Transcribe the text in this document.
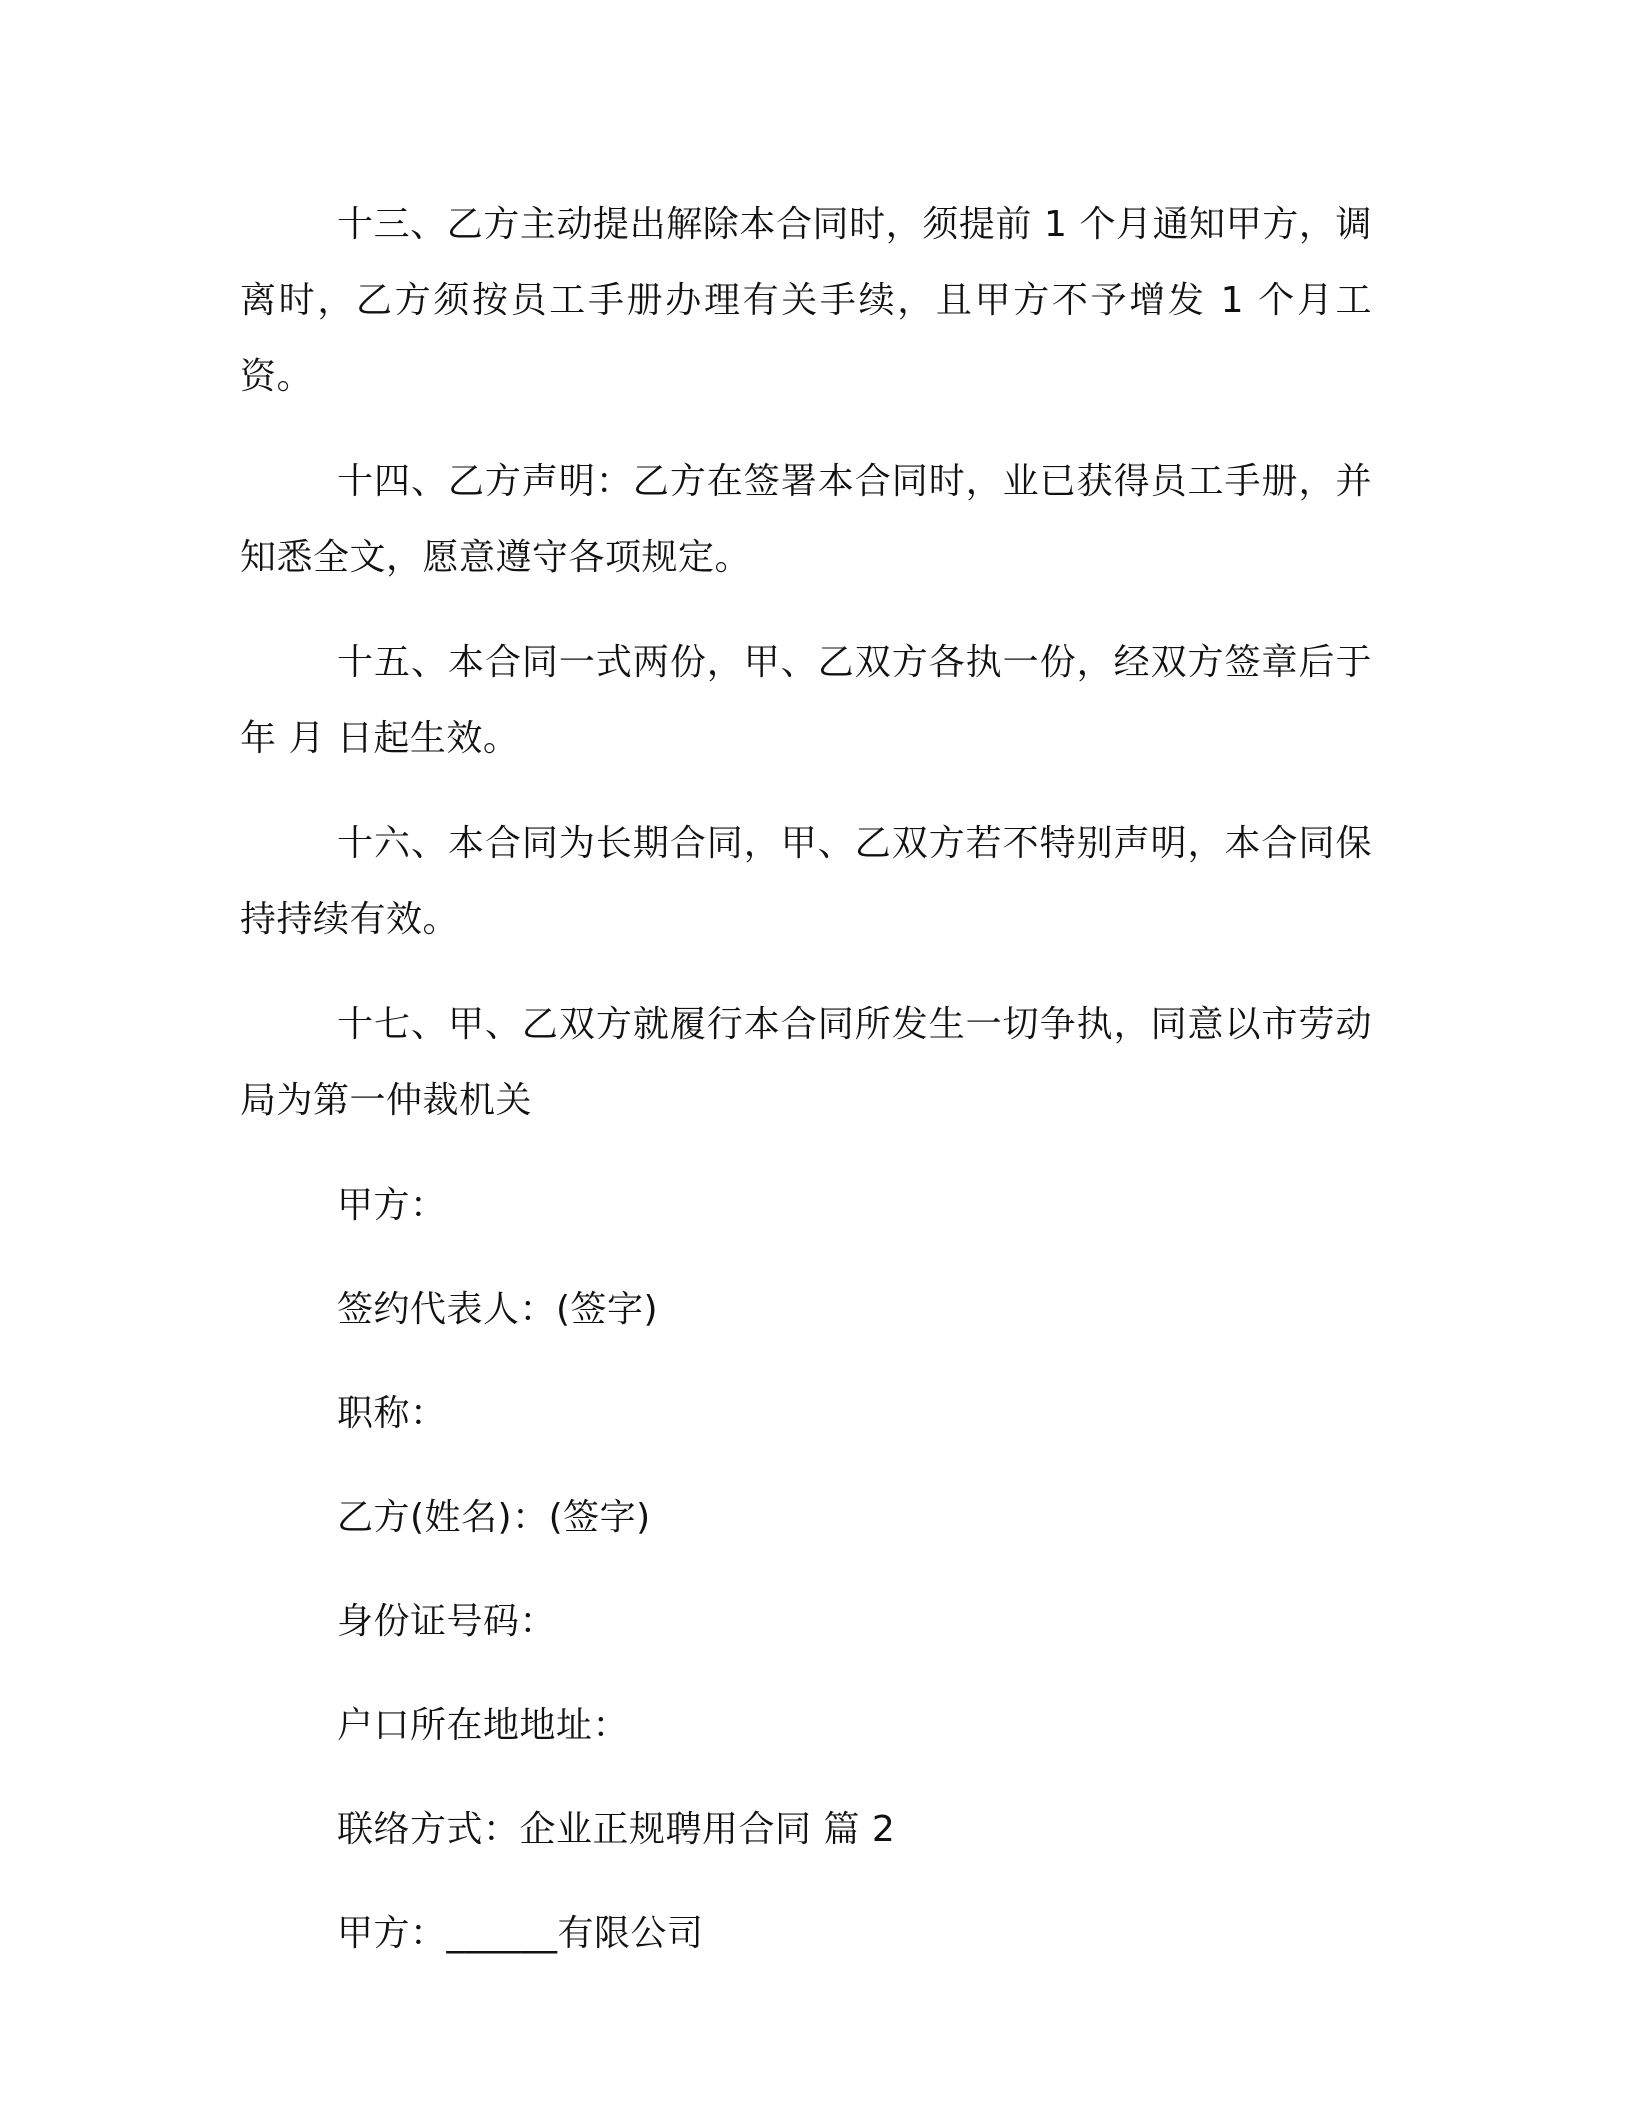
十三、乙方主动提出解除本合同时，须提前 1 个月通知甲方，调离时，乙方须按员工手册办理有关手续，且甲方不予增发 1 个月工资。

十四、乙方声明：乙方在签署本合同时，业已获得员工手册，并知悉全文，愿意遵守各项规定。

十五、本合同一式两份，甲、乙双方各执一份，经双方签章后于 年 月 日起生效。

十六、本合同为长期合同，甲、乙双方若不特别声明，本合同保持持续有效。

十七、甲、乙双方就履行本合同所发生一切争执，同意以市劳动局为第一仲裁机关

甲方：

签约代表人：(签字)

职称：

乙方(姓名)：(签字)

身份证号码：

户口所在地地址：

联络方式：企业正规聘用合同 篇 2

甲方：______有限公司
